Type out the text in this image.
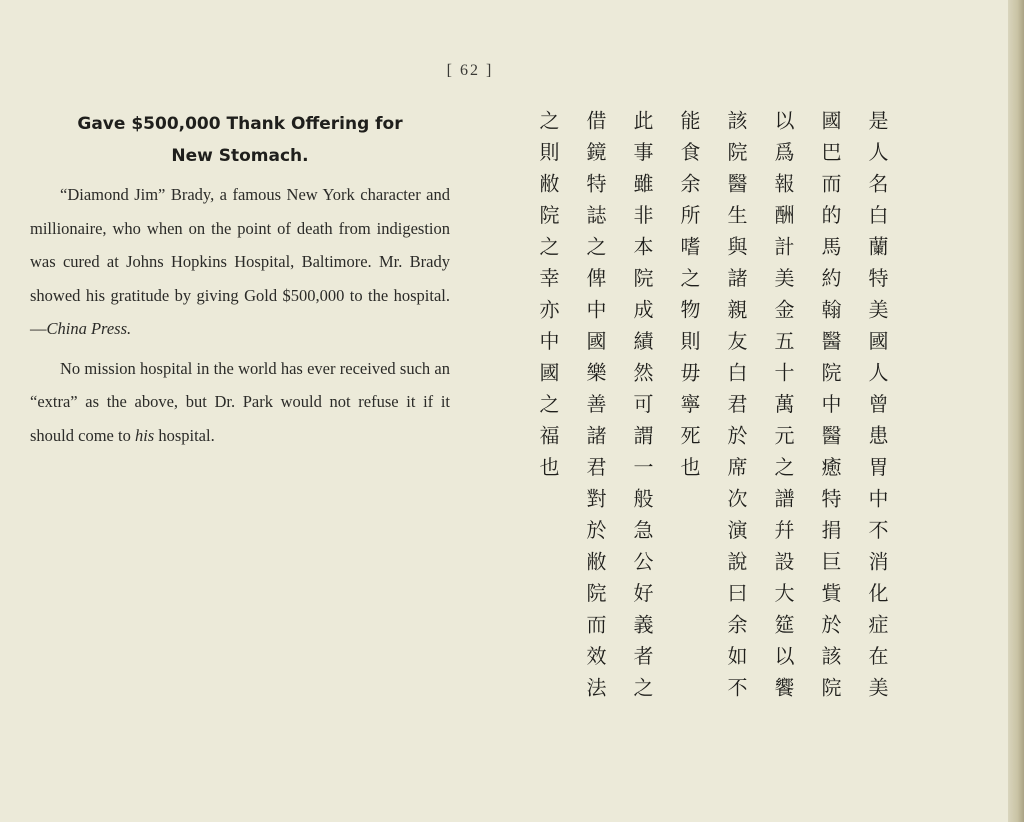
[ 62 ]

Gave $500,000 Thank Offering for

New Stomach.

“Diamond Jim” Brady, a famous New York character and millionaire, who when on the point of death from indigestion was cured at Johns Hopkins Hospital, Baltimore. Mr. Brady showed his gratitude by giving Gold $500,000 to the hospital.—China Press.

No mission hospital in the world has ever received such an “extra” as the above, but Dr. Park would not refuse it if it should come to his hospital.	是人名白蘭特美國人曾患胃中不消化症在美
國巴而的馬約翰醫院中醫癒特捐巨貲於該院
以爲報酬計美金五十萬元之譜幷設大筵以饗
該院醫生與諸親友白君於席次演說曰余如不
能食余所嗜之物則毋寧死也
此事雖非本院成績然可謂一般急公好義者之
借鏡特誌之俾中國樂善諸君對於敝院而效法
之則敝院之幸亦中國之福也
